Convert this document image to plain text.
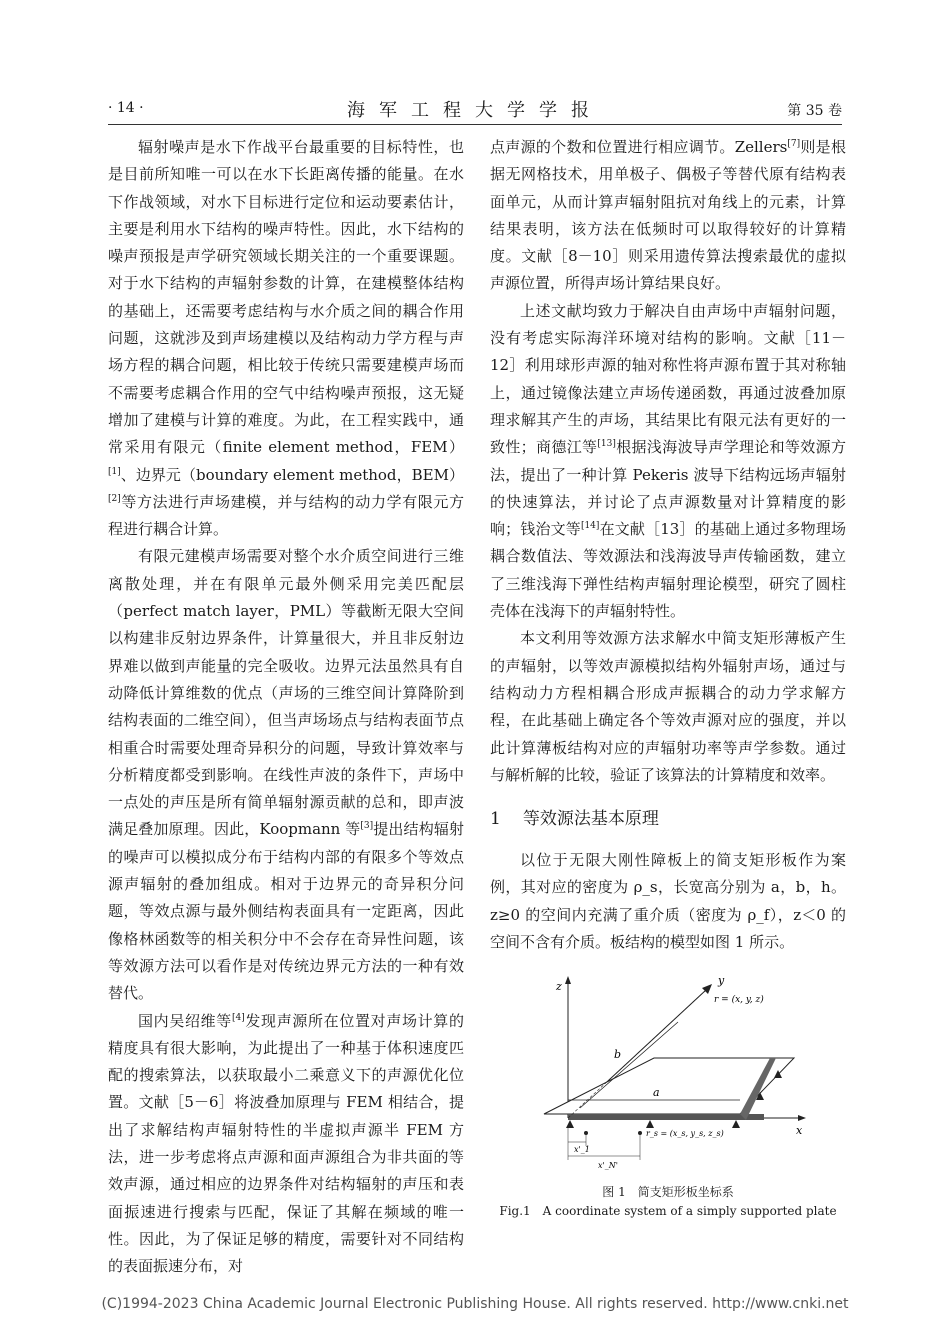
· 14 ·	海军工程大学学报	第 35 卷

辐射噪声是水下作战平台最重要的目标特性，也是目前所知唯一可以在水下长距离传播的能量。在水下作战领域，对水下目标进行定位和运动要素估计，主要是利用水下结构的噪声特性。因此，水下结构的噪声预报是声学研究领域长期关注的一个重要课题。对于水下结构的声辐射参数的计算，在建模整体结构的基础上，还需要考虑结构与水介质之间的耦合作用问题，这就涉及到声场建模以及结构动力学方程与声场方程的耦合问题，相比较于传统只需要建模声场而不需要考虑耦合作用的空气中结构噪声预报，这无疑增加了建模与计算的难度。为此，在工程实践中，通常采用有限元（finite element method，FEM）[1]、边界元（boundary element method，BEM）[2]等方法进行声场建模，并与结构的动力学有限元方程进行耦合计算。

有限元建模声场需要对整个水介质空间进行三维离散处理，并在有限单元最外侧采用完美匹配层（perfect match layer，PML）等截断无限大空间以构建非反射边界条件，计算量很大，并且非反射边界难以做到声能量的完全吸收。边界元法虽然具有自动降低计算维数的优点（声场的三维空间计算降阶到结构表面的二维空间），但当声场场点与结构表面节点相重合时需要处理奇异积分的问题，导致计算效率与分析精度都受到影响。在线性声波的条件下，声场中一点处的声压是所有简单辐射源贡献的总和，即声波满足叠加原理。因此，Koopmann 等[3]提出结构辐射的噪声可以模拟成分布于结构内部的有限多个等效点源声辐射的叠加组成。相对于边界元的奇异积分问题，等效点源与最外侧结构表面具有一定距离，因此像格林函数等的相关积分中不会存在奇异性问题，该等效源方法可以看作是对传统边界元方法的一种有效替代。

国内吴绍维等[4]发现声源所在位置对声场计算的精度具有很大影响，为此提出了一种基于体积速度匹配的搜索算法，以获取最小二乘意义下的声源优化位置。文献［5－6］将波叠加原理与 FEM 相结合，提出了求解结构声辐射特性的半虚拟声源半 FEM 方法，进一步考虑将点声源和面声源组合为非共面的等效声源，通过相应的边界条件对结构辐射的声压和表面振速进行搜索与匹配，保证了其解在频域的唯一性。因此，为了保证足够的精度，需要针对不同结构的表面振速分布，对

点声源的个数和位置进行相应调节。Zellers[7]则是根据无网格技术，用单极子、偶极子等替代原有结构表面单元，从而计算声辐射阻抗对角线上的元素，计算结果表明，该方法在低频时可以取得较好的计算精度。文献［8－10］则采用遗传算法搜索最优的虚拟声源位置，所得声场计算结果良好。

上述文献均致力于解决自由声场中声辐射问题，没有考虑实际海洋环境对结构的影响。文献［11－12］利用球形声源的轴对称性将声源布置于其对称轴上，通过镜像法建立声场传递函数，再通过波叠加原理求解其产生的声场，其结果比有限元法有更好的一致性；商德江等[13]根据浅海波导声学理论和等效源方法，提出了一种计算 Pekeris 波导下结构远场声辐射的快速算法，并讨论了点声源数量对计算精度的影响；钱治文等[14]在文献［13］的基础上通过多物理场耦合数值法、等效源法和浅海波导声传输函数，建立了三维浅海下弹性结构声辐射理论模型，研究了圆柱壳体在浅海下的声辐射特性。

本文利用等效源方法求解水中简支矩形薄板产生的声辐射，以等效声源模拟结构外辐射声场，通过与结构动力方程相耦合形成声振耦合的动力学求解方程，在此基础上确定各个等效声源对应的强度，并以此计算薄板结构对应的声辐射功率等声学参数。通过与解析解的比较，验证了该算法的计算精度和效率。

1 等效源法基本原理

以位于无限大刚性障板上的简支矩形板作为案例，其对应的密度为 ρ_s，长宽高分别为 a，b，h。z≥0 的空间内充满了重介质（密度为 ρ_f），z＜0 的空间不含有介质。板结构的模型如图 1 所示。

z	y
x
r = (x, y, z)
a
b
r_s = (x_s, y_s, z_s)
x'_1
x'_N'
图 1　简支矩形板坐标系
Fig.1　A coordinate system of a simply supported plate
(C)1994-2023 China Academic Journal Electronic Publishing House. All rights reserved. http://www.cnki.net
